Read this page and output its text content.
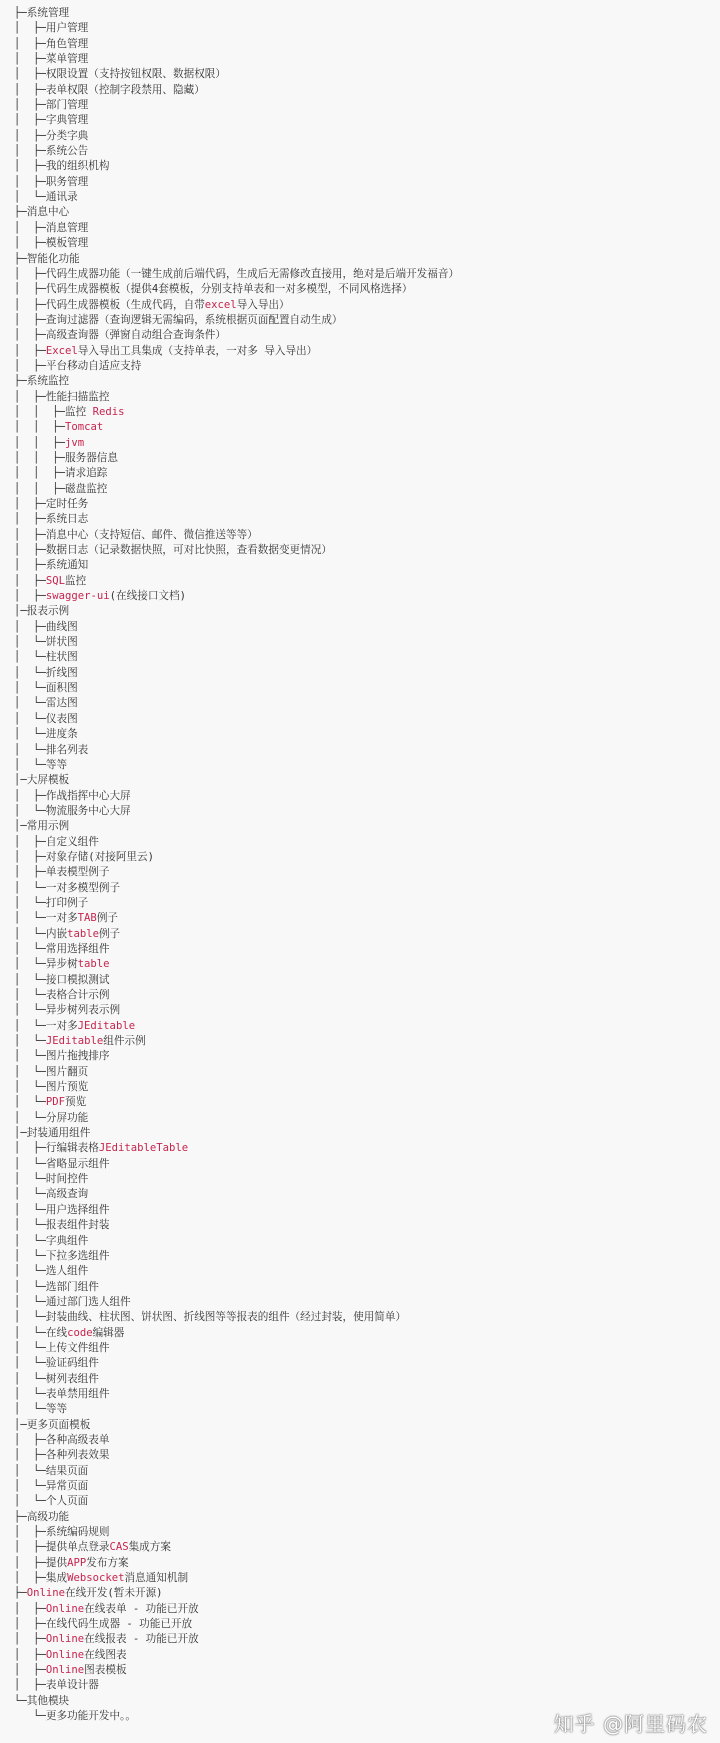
├─系统管理
│  ├─用户管理
│  ├─角色管理
│  ├─菜单管理
│  ├─权限设置（支持按钮权限、数据权限）
│  ├─表单权限（控制字段禁用、隐藏）
│  ├─部门管理
│  ├─字典管理
│  ├─分类字典
│  ├─系统公告
│  ├─我的组织机构
│  ├─职务管理
│  └─通讯录
├─消息中心
│  ├─消息管理
│  ├─模板管理
├─智能化功能
│  ├─代码生成器功能（一键生成前后端代码，生成后无需修改直接用，绝对是后端开发福音）
│  ├─代码生成器模板（提供4套模板，分别支持单表和一对多模型，不同风格选择）
│  ├─代码生成器模板（生成代码，自带excel导入导出）
│  ├─查询过滤器（查询逻辑无需编码，系统根据页面配置自动生成）
│  ├─高级查询器（弹窗自动组合查询条件）
│  ├─Excel导入导出工具集成（支持单表，一对多 导入导出）
│  ├─平台移动自适应支持
├─系统监控
│  ├─性能扫描监控
│  │  ├─监控 Redis
│  │  ├─Tomcat
│  │  ├─jvm
│  │  ├─服务器信息
│  │  ├─请求追踪
│  │  ├─磁盘监控
│  ├─定时任务
│  ├─系统日志
│  ├─消息中心（支持短信、邮件、微信推送等等）
│  ├─数据日志（记录数据快照，可对比快照，查看数据变更情况）
│  ├─系统通知
│  ├─SQL监控
│  ├─swagger-ui(在线接口文档)
│─报表示例
│  ├─曲线图
│  └─饼状图
│  └─柱状图
│  └─折线图
│  └─面积图
│  └─雷达图
│  └─仪表图
│  └─进度条
│  └─排名列表
│  └─等等
│─大屏模板
│  ├─作战指挥中心大屏
│  └─物流服务中心大屏
│─常用示例
│  ├─自定义组件
│  ├─对象存储(对接阿里云)
│  ├─单表模型例子
│  └─一对多模型例子
│  └─打印例子
│  └─一对多TAB例子
│  └─内嵌table例子
│  └─常用选择组件
│  └─异步树table
│  └─接口模拟测试
│  └─表格合计示例
│  └─异步树列表示例
│  └─一对多JEditable
│  └─JEditable组件示例
│  └─图片拖拽排序
│  └─图片翻页
│  └─图片预览
│  └─PDF预览
│  └─分屏功能
│─封装通用组件
│  ├─行编辑表格JEditableTable
│  └─省略显示组件
│  └─时间控件
│  └─高级查询
│  └─用户选择组件
│  └─报表组件封装
│  └─字典组件
│  └─下拉多选组件
│  └─选人组件
│  └─选部门组件
│  └─通过部门选人组件
│  └─封装曲线、柱状图、饼状图、折线图等等报表的组件（经过封装，使用简单）
│  └─在线code编辑器
│  └─上传文件组件
│  └─验证码组件
│  └─树列表组件
│  └─表单禁用组件
│  └─等等
│─更多页面模板
│  ├─各种高级表单
│  ├─各种列表效果
│  └─结果页面
│  └─异常页面
│  └─个人页面
├─高级功能
│  ├─系统编码规则
│  ├─提供单点登录CAS集成方案
│  ├─提供APP发布方案
│  ├─集成Websocket消息通知机制
├─Online在线开发(暂未开源)
│  ├─Online在线表单 - 功能已开放
│  ├─在线代码生成器 - 功能已开放
│  ├─Online在线报表 - 功能已开放
│  ├─Online在线图表
│  ├─Online图表模板
│  ├─表单设计器
└─其他模块
└─更多功能开发中。。	知乎 @阿里码农
